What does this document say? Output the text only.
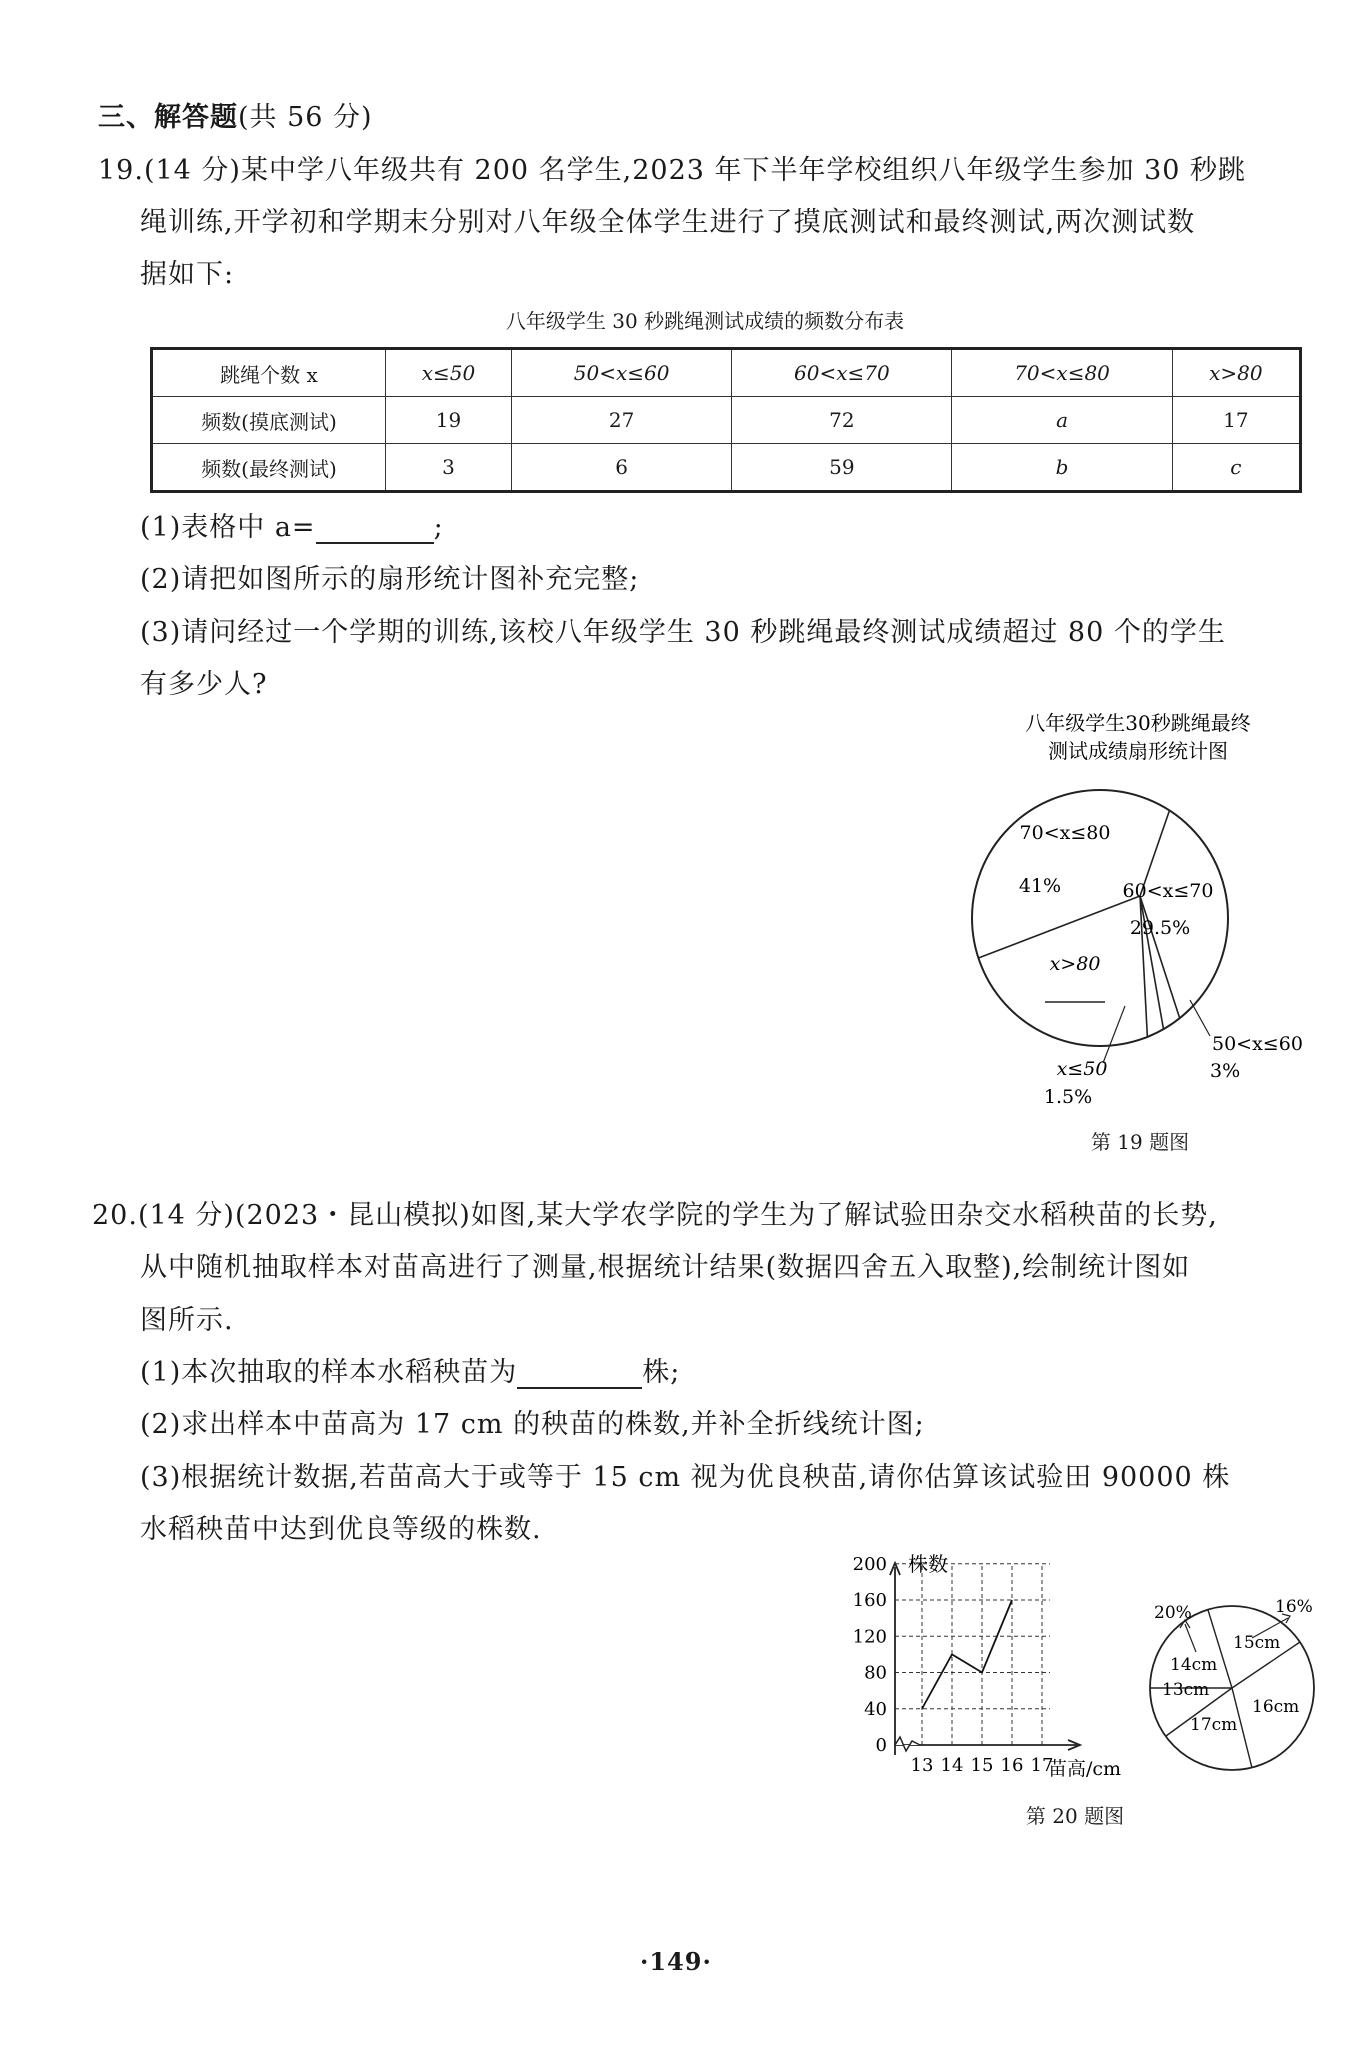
三、解答题(共 56 分)
19.(14 分)某中学八年级共有 200 名学生,2023 年下半年学校组织八年级学生参加 30 秒跳
绳训练,开学初和学期末分别对八年级全体学生进行了摸底测试和最终测试,两次测试数
据如下:
八年级学生 30 秒跳绳测试成绩的频数分布表
跳绳个数 x	x≤50	50<x≤60	60<x≤70	70<x≤80	x>80
频数(摸底测试)	19	27	72	a	17
频数(最终测试)	3	6	59	b	c
(1)表格中 a=	;
(2)请把如图所示的扇形统计图补充完整;
(3)请问经过一个学期的训练,该校八年级学生 30 秒跳绳最终测试成绩超过 80 个的学生
有多少人?
八年级学生30秒跳绳最终
测试成绩扇形统计图
70<x≤80
41%	60<x≤70
29.5%
x>80
x≤50
1.5%
50<x≤60
3%
第 19 题图
20.(14 分)(2023・昆山模拟)如图,某大学农学院的学生为了解试验田杂交水稻秧苗的长势,
从中随机抽取样本对苗高进行了测量,根据统计结果(数据四舍五入取整),绘制统计图如
图所示.
(1)本次抽取的样本水稻秧苗为	株;
(2)求出样本中苗高为 17 cm 的秧苗的株数,并补全折线统计图;
(3)根据统计数据,若苗高大于或等于 15 cm 视为优良秧苗,请你估算该试验田 90000 株
水稻秧苗中达到优良等级的株数.
株数
苗高/cm
0
40
80
120
160
200
13 14 15 16 17
14cm
15cm
13cm
16cm
17cm
20%	16%
第 20 题图
·149·
